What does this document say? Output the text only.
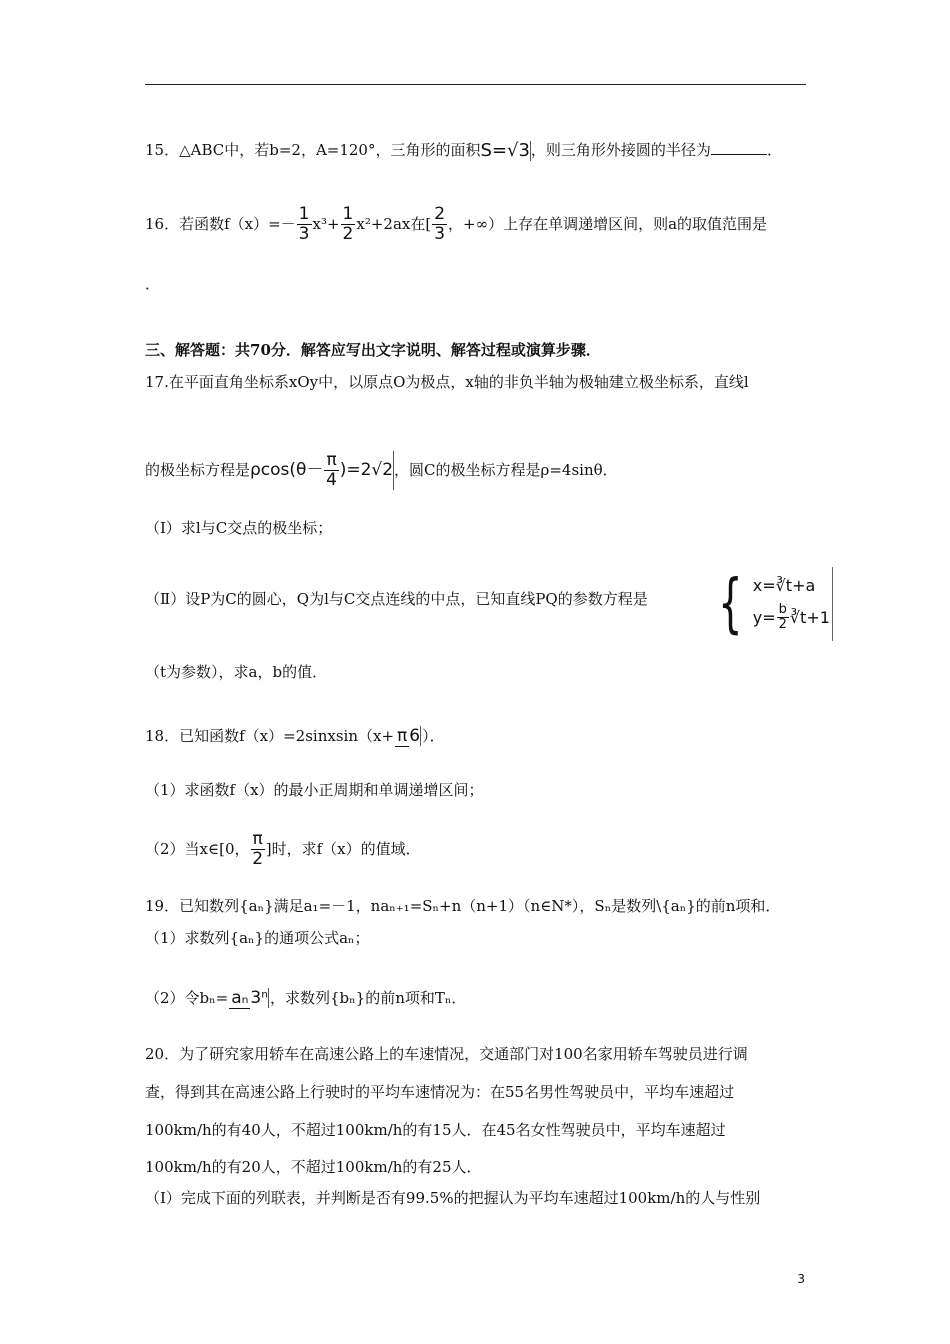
15．△ABC中，若b=2，A=120°，三角形的面积S=√3，则三角形外接圆的半径为	．
16．若函数$f(x)=- \frac{1}{3} x^3+ \frac{1}{2} x^2+2ax$在[ $\frac{2}{3}$ ，+∞）上存在单调递增区间，则a的取值范围是
．
三、解答题：共70分．解答应写出文字说明、解答过程或演算步骤．
17.在平面直角坐标系xOy中，以原点O为极点，x轴的非负半轴为极轴建立极坐标系，直线l
的极坐标方程是 $\rho\cos(\theta- \frac{\pi}{4} )=2√2$ ，圆C的极坐标方程是ρ=4sinθ．
（Ⅰ）求l与C交点的极坐标；
（Ⅱ）设P为C的圆心，Q为l与C交点连线的中点，已知直线PQ的参数方程是 { x=∛t+a
$y= \frac{b}{2}$ ∛t+1
（t为参数），求a，b的值．
18．已知函数f（x）=2sinxsin（x+ π 6 ）．
（1）求函数f（x）的最小正周期和单调递增区间；
（2）当x∈[0， $\frac{\pi}{2}$ ]时，求f（x）的值域．
19．已知数列{aₙ}满足a₁=－1，naₙ₊₁=Sₙ+n（n+1）（n∈N*），Sₙ是数列\{aₙ}的前n项和．
（1）求数列{aₙ}的通项公式aₙ；
（2）令bₙ= aₙ 3ⁿ ，求数列{bₙ}的前n项和Tₙ．
20．为了研究家用轿车在高速公路上的车速情况，交通部门对100名家用轿车驾驶员进行调
查，得到其在高速公路上行驶时的平均车速情况为：在55名男性驾驶员中，平均车速超过
100km/h的有40人，不超过100km/h的有15人．在45名女性驾驶员中，平均车速超过
100km/h的有20人，不超过100km/h的有25人．
（Ⅰ）完成下面的列联表，并判断是否有99.5%的把握认为平均车速超过100km/h的人与性别
3
